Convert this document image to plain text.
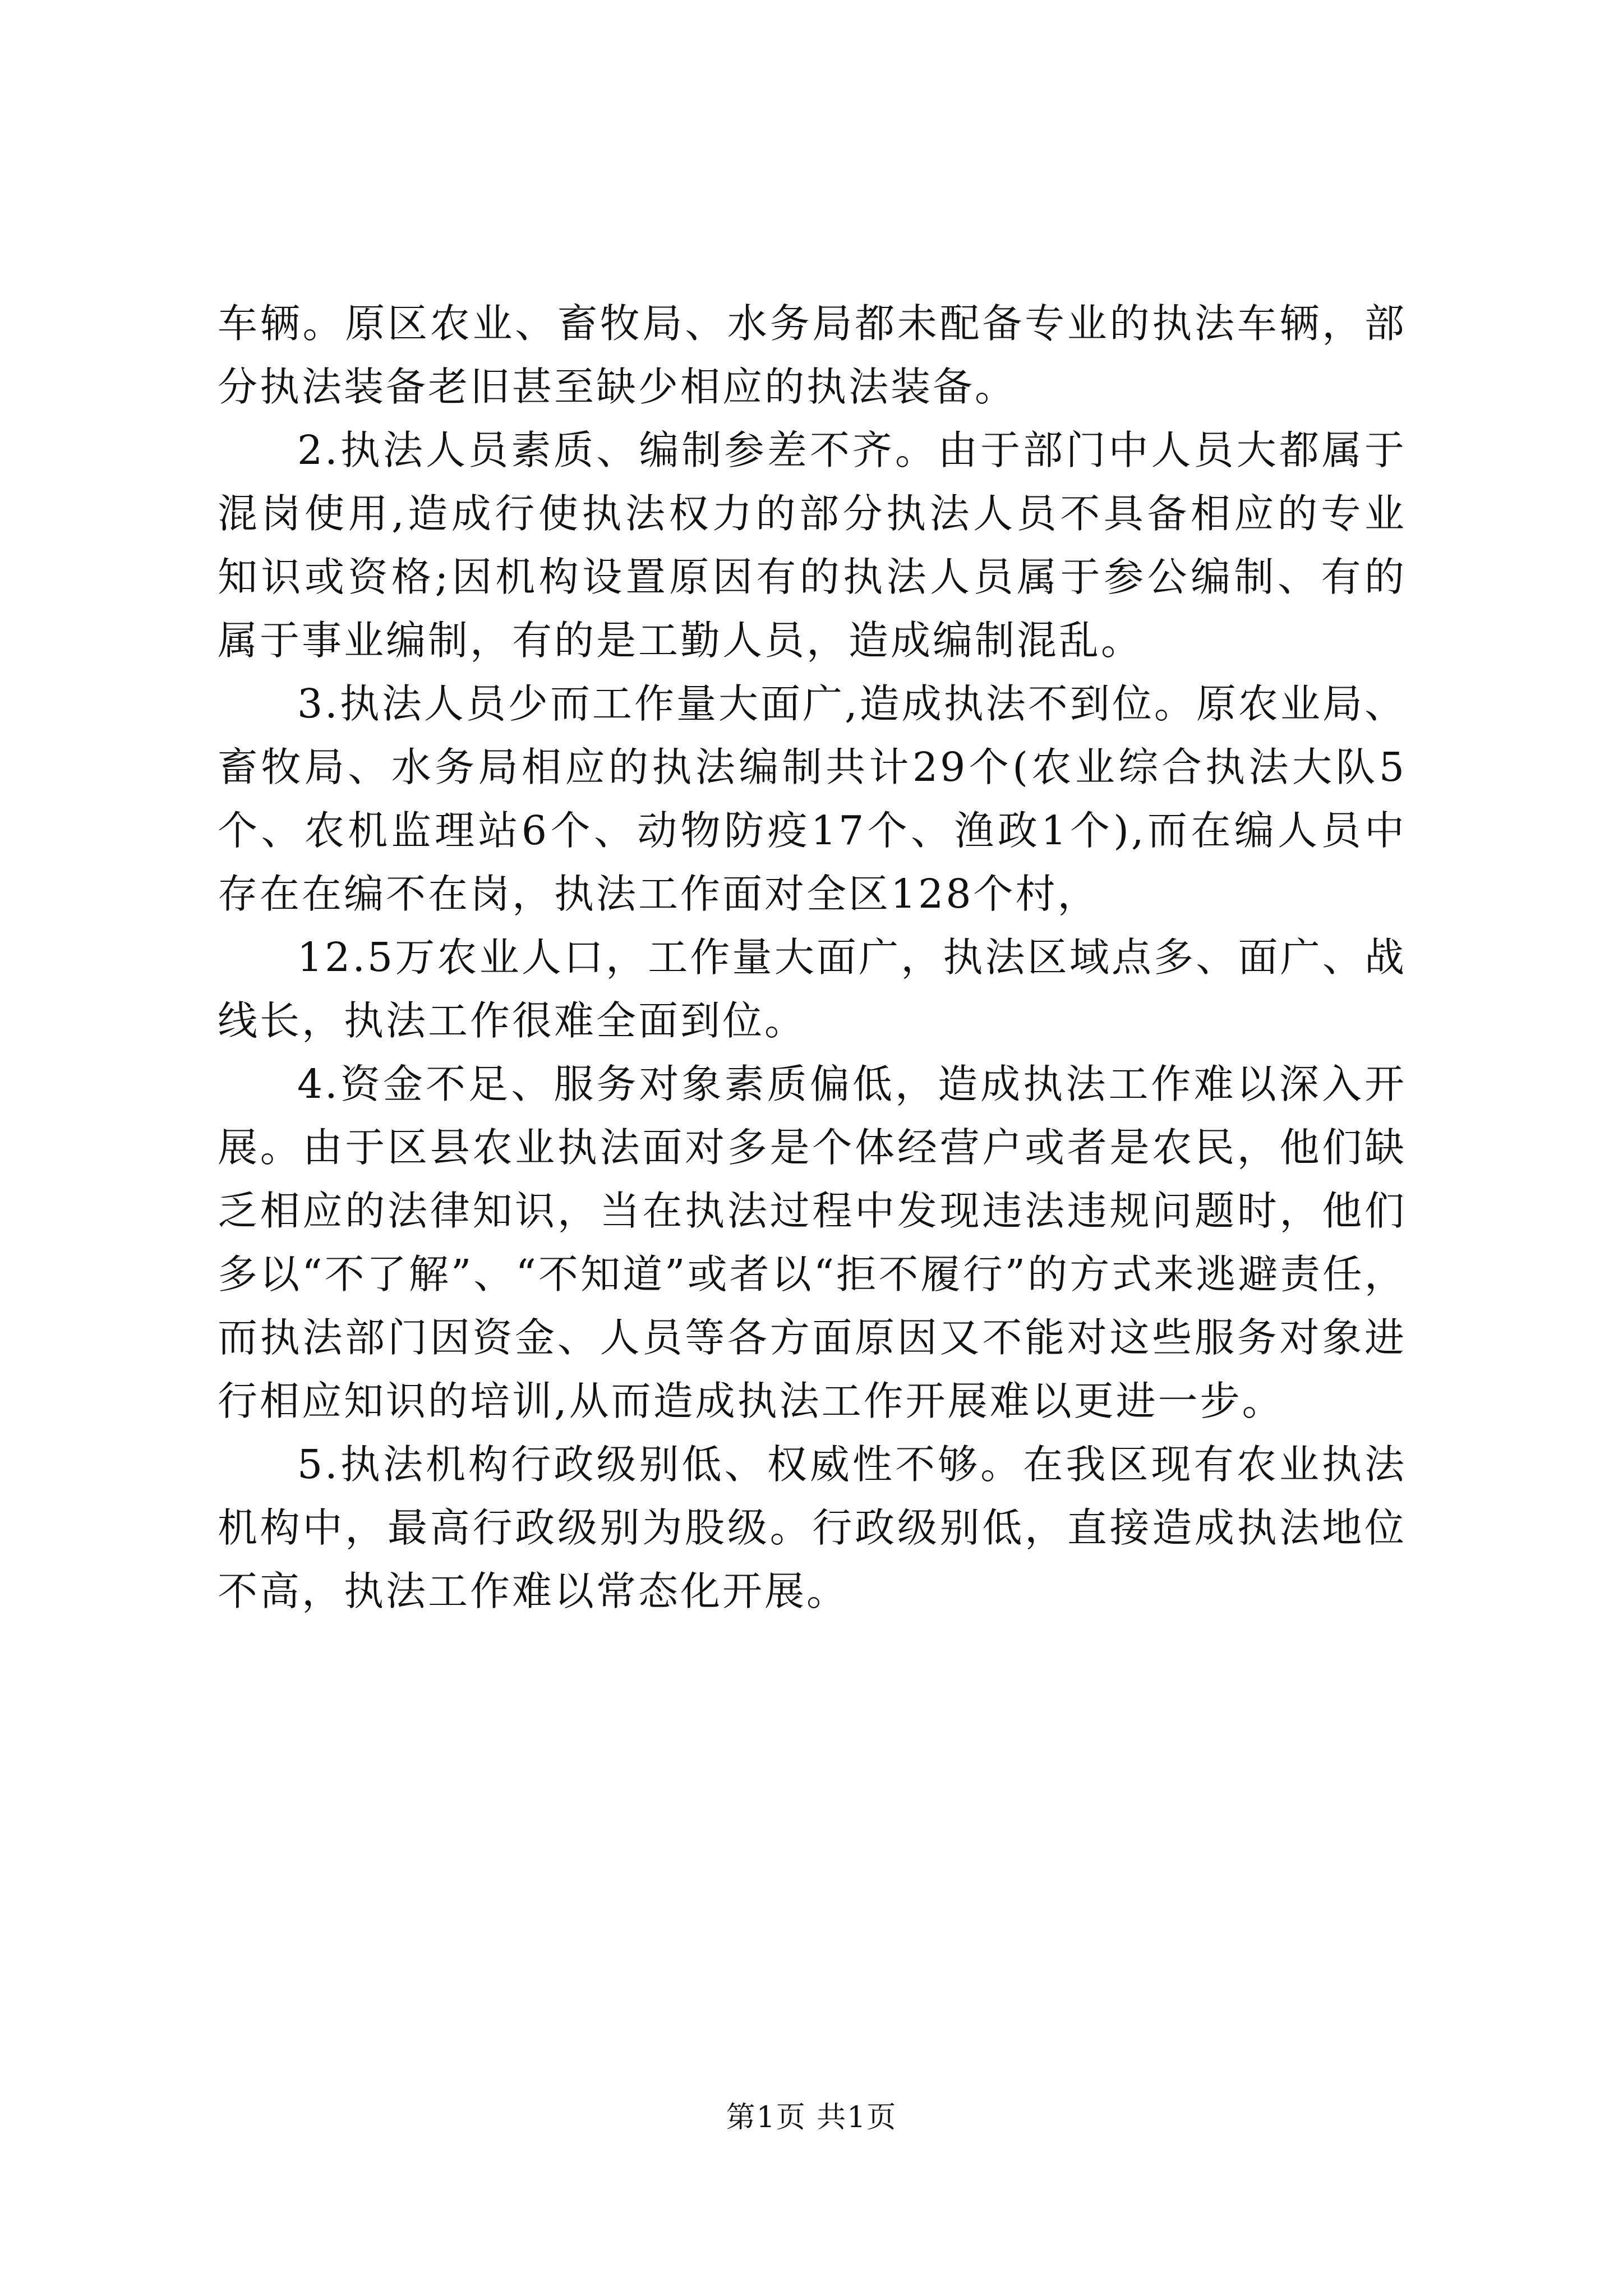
车辆。原区农业、畜牧局、水务局都未配备专业的执法车辆，部分执法装备老旧甚至缺少相应的执法装备。

2.执法人员素质、编制参差不齐。由于部门中人员大都属于混岗使用,造成行使执法权力的部分执法人员不具备相应的专业知识或资格;因机构设置原因有的执法人员属于参公编制、有的属于事业编制，有的是工勤人员，造成编制混乱。

3.执法人员少而工作量大面广,造成执法不到位。原农业局、畜牧局、水务局相应的执法编制共计29个(农业综合执法大队5个、农机监理站6个、动物防疫17个、渔政1个),而在编人员中存在在编不在岗，执法工作面对全区128个村，

12.5万农业人口，工作量大面广，执法区域点多、面广、战线长，执法工作很难全面到位。

4.资金不足、服务对象素质偏低，造成执法工作难以深入开展。由于区县农业执法面对多是个体经营户或者是农民，他们缺乏相应的法律知识，当在执法过程中发现违法违规问题时，他们多以“不了解”、“不知道”或者以“拒不履行”的方式来逃避责任，而执法部门因资金、人员等各方面原因又不能对这些服务对象进行相应知识的培训,从而造成执法工作开展难以更进一步。

5.执法机构行政级别低、权威性不够。在我区现有农业执法机构中，最高行政级别为股级。行政级别低，直接造成执法地位不高，执法工作难以常态化开展。

第1页 共1页
